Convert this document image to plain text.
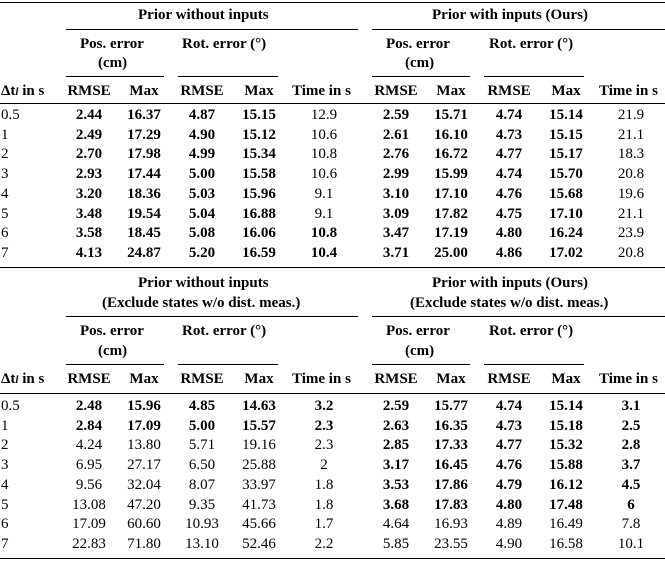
Prior without inputs	Prior with inputs (Ours)
Pos. error
(cm)
Rot. error (°)	Pos. error
(cm)
Rot. error (°)
Δtl in s	RMSE	Max	RMSE	Max	Time in s	RMSE	Max	RMSE	Max	Time in s
0.5	2.44	16.37	4.87	15.15	12.9	2.59	15.71	4.74	15.14	21.9
1	2.49	17.29	4.90	15.12	10.6	2.61	16.10	4.73	15.15	21.1
2	2.70	17.98	4.99	15.34	10.8	2.76	16.72	4.77	15.17	18.3
3	2.93	17.44	5.00	15.58	10.6	2.99	15.99	4.74	15.70	20.8
4	3.20	18.36	5.03	15.96	9.1	3.10	17.10	4.76	15.68	19.6
5	3.48	19.54	5.04	16.88	9.1	3.09	17.82	4.75	17.10	21.1
6	3.58	18.45	5.08	16.06	10.8	3.47	17.19	4.80	16.24	23.9
7	4.13	24.87	5.20	16.59	10.4	3.71	25.00	4.86	17.02	20.8
Prior without inputs	Prior with inputs (Ours)
(Exclude states w/o dist. meas.)	(Exclude states w/o dist. meas.)
Pos. error
(cm)
Rot. error (°)	Pos. error
(cm)
Rot. error (°)
Δtl in s	RMSE	Max	RMSE	Max	Time in s	RMSE	Max	RMSE	Max	Time in s
0.5	2.48	15.96	4.85	14.63	3.2	2.59	15.77	4.74	15.14	3.1
1	2.84	17.09	5.00	15.57	2.3	2.63	16.35	4.73	15.18	2.5
2	4.24	13.80	5.71	19.16	2.3	2.85	17.33	4.77	15.32	2.8
3	6.95	27.17	6.50	25.88	2	3.17	16.45	4.76	15.88	3.7
4	9.56	32.04	8.07	33.97	1.8	3.53	17.86	4.79	16.12	4.5
5	13.08	47.20	9.35	41.73	1.8	3.68	17.83	4.80	17.48	6
6	17.09	60.60	10.93	45.66	1.7	4.64	16.93	4.89	16.49	7.8
7	22.83	71.80	13.10	52.46	2.2	5.85	23.55	4.90	16.58	10.1
